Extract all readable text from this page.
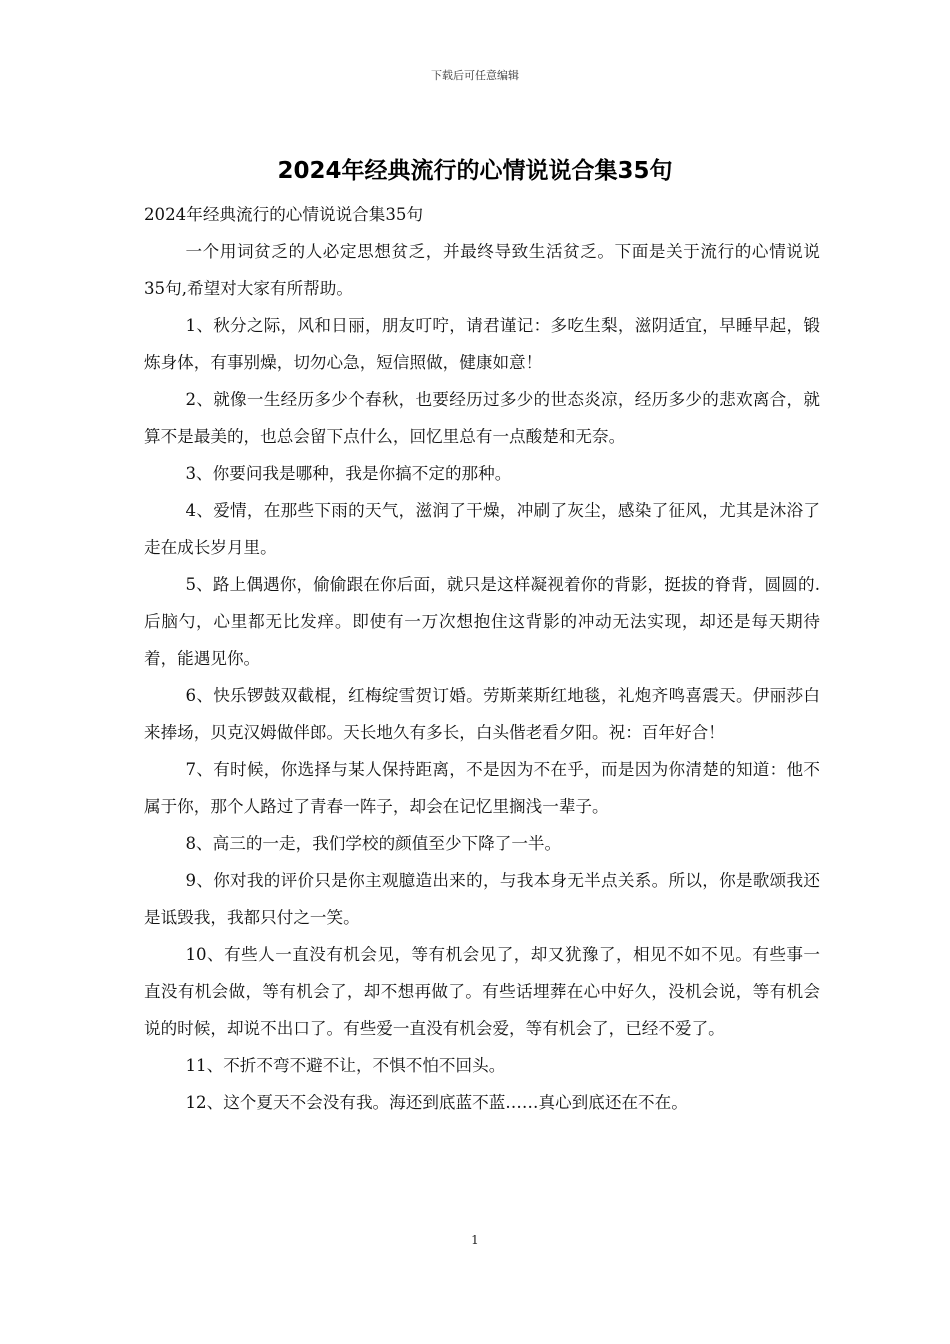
下载后可任意编辑
2024年经典流行的心情说说合集35句

2024年经典流行的心情说说合集35句

一个用词贫乏的人必定思想贫乏，并最终导致生活贫乏。下面是关于流行的心情说说35句,希望对大家有所帮助。

1、秋分之际，风和日丽，朋友叮咛，请君谨记：多吃生梨，滋阴适宜，早睡早起，锻炼身体，有事别燥，切勿心急，短信照做，健康如意！

2、就像一生经历多少个春秋，也要经历过多少的世态炎凉，经历多少的悲欢离合，就算不是最美的，也总会留下点什么，回忆里总有一点酸楚和无奈。

3、你要问我是哪种，我是你搞不定的那种。

4、爱情，在那些下雨的天气，滋润了干燥，冲刷了灰尘，感染了征风，尤其是沐浴了走在成长岁月里。

5、路上偶遇你，偷偷跟在你后面，就只是这样凝视着你的背影，挺拔的脊背，圆圆的.后脑勺，心里都无比发痒。即使有一万次想抱住这背影的冲动无法实现，却还是每天期待着，能遇见你。

6、快乐锣鼓双截棍，红梅绽雪贺订婚。劳斯莱斯红地毯，礼炮齐鸣喜震天。伊丽莎白来捧场，贝克汉姆做伴郎。天长地久有多长，白头偕老看夕阳。祝：百年好合！

7、有时候，你选择与某人保持距离，不是因为不在乎，而是因为你清楚的知道：他不属于你，那个人路过了青春一阵子，却会在记忆里搁浅一辈子。

8、高三的一走，我们学校的颜值至少下降了一半。

9、你对我的评价只是你主观臆造出来的，与我本身无半点关系。所以，你是歌颂我还是诋毁我，我都只付之一笑。

10、有些人一直没有机会见，等有机会见了，却又犹豫了，相见不如不见。有些事一直没有机会做，等有机会了，却不想再做了。有些话埋葬在心中好久，没机会说，等有机会说的时候，却说不出口了。有些爱一直没有机会爱，等有机会了，已经不爱了。

11、不折不弯不避不让，不惧不怕不回头。

12、这个夏天不会没有我。海还到底蓝不蓝……真心到底还在不在。

1
